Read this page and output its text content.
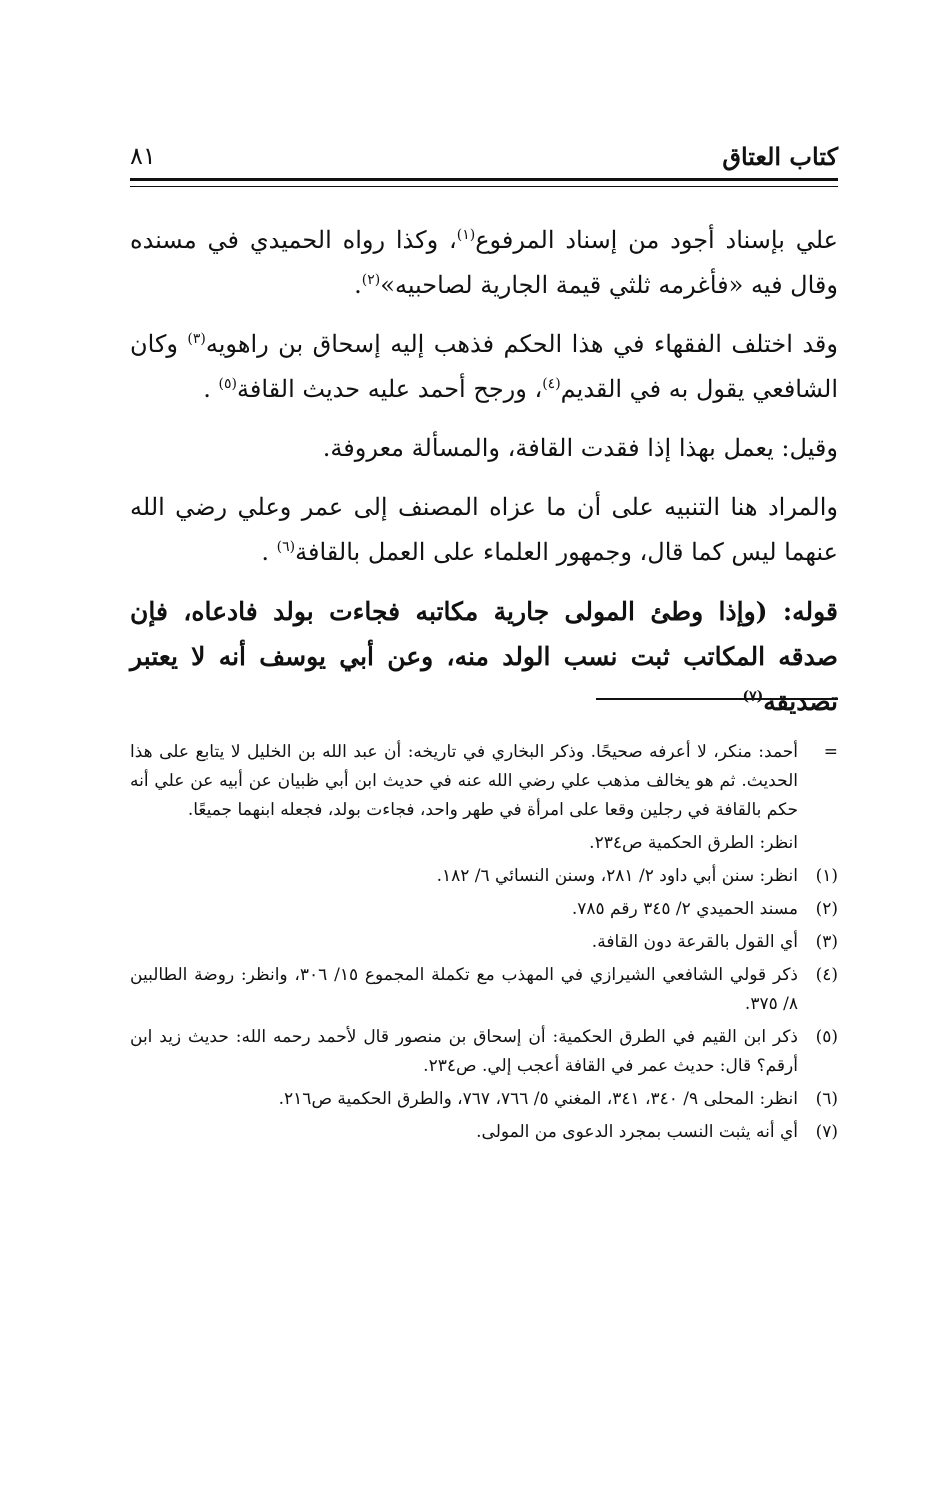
كتاب العتاق
٨١

علي بإسناد أجود من إسناد المرفوع$^{(١)}$، وكذا رواه الحميدي في مسنده وقال فيه «فأغرمه ثلثي قيمة الجارية لصاحبيه»$^{(٢)}$.

وقد اختلف الفقهاء في هذا الحكم فذهب إليه إسحاق بن راهويه$^{(٣)}$ وكان الشافعي يقول به في القديم$^{(٤)}$، ورجح أحمد عليه حديث القافة$^{(٥)}$ .

وقيل: يعمل بهذا إذا فقدت القافة، والمسألة معروفة.

والمراد هنا التنبيه على أن ما عزاه المصنف إلى عمر وعلي رضي الله عنهما ليس كما قال، وجمهور العلماء على العمل بالقافة$^{(٦)}$ .

قوله: (وإذا وطئ المولى جارية مكاتبه فجاءت بولد فادعاه، فإن صدقه المكاتب ثبت نسب الولد منه، وعن أبي يوسف أنه لا يعتبر تصديقه$^{(٧)}$

=
أحمد: منكر، لا أعرفه صحيحًا. وذكر البخاري في تاريخه: أن عبد الله بن الخليل لا يتابع على هذا الحديث. ثم هو يخالف مذهب علي رضي الله عنه في حديث ابن أبي ظبيان عن أبيه عن علي أنه حكم بالقافة في رجلين وقعا على امرأة في طهر واحد، فجاءت بولد، فجعله ابنهما جميعًا.
انظر: الطرق الحكمية ص٢٣٤.
(١)
انظر: سنن أبي داود ٢/ ٢٨١، وسنن النسائي ٦/ ١٨٢.
(٢)
مسند الحميدي ٢/ ٣٤٥ رقم ٧٨٥.
(٣)
أي القول بالقرعة دون القافة.
(٤)
ذكر قولي الشافعي الشيرازي في المهذب مع تكملة المجموع ١٥/ ٣٠٦، وانظر: روضة الطالبين ٨/ ٣٧٥.
(٥)
ذكر ابن القيم في الطرق الحكمية: أن إسحاق بن منصور قال لأحمد رحمه الله: حديث زيد ابن أرقم؟ قال: حديث عمر في القافة أعجب إلي. ص٢٣٤.
(٦)
انظر: المحلى ٩/ ٣٤٠، ٣٤١، المغني ٥/ ٧٦٦، ٧٦٧، والطرق الحكمية ص٢١٦.
(٧)
أي أنه يثبت النسب بمجرد الدعوى من المولى.
